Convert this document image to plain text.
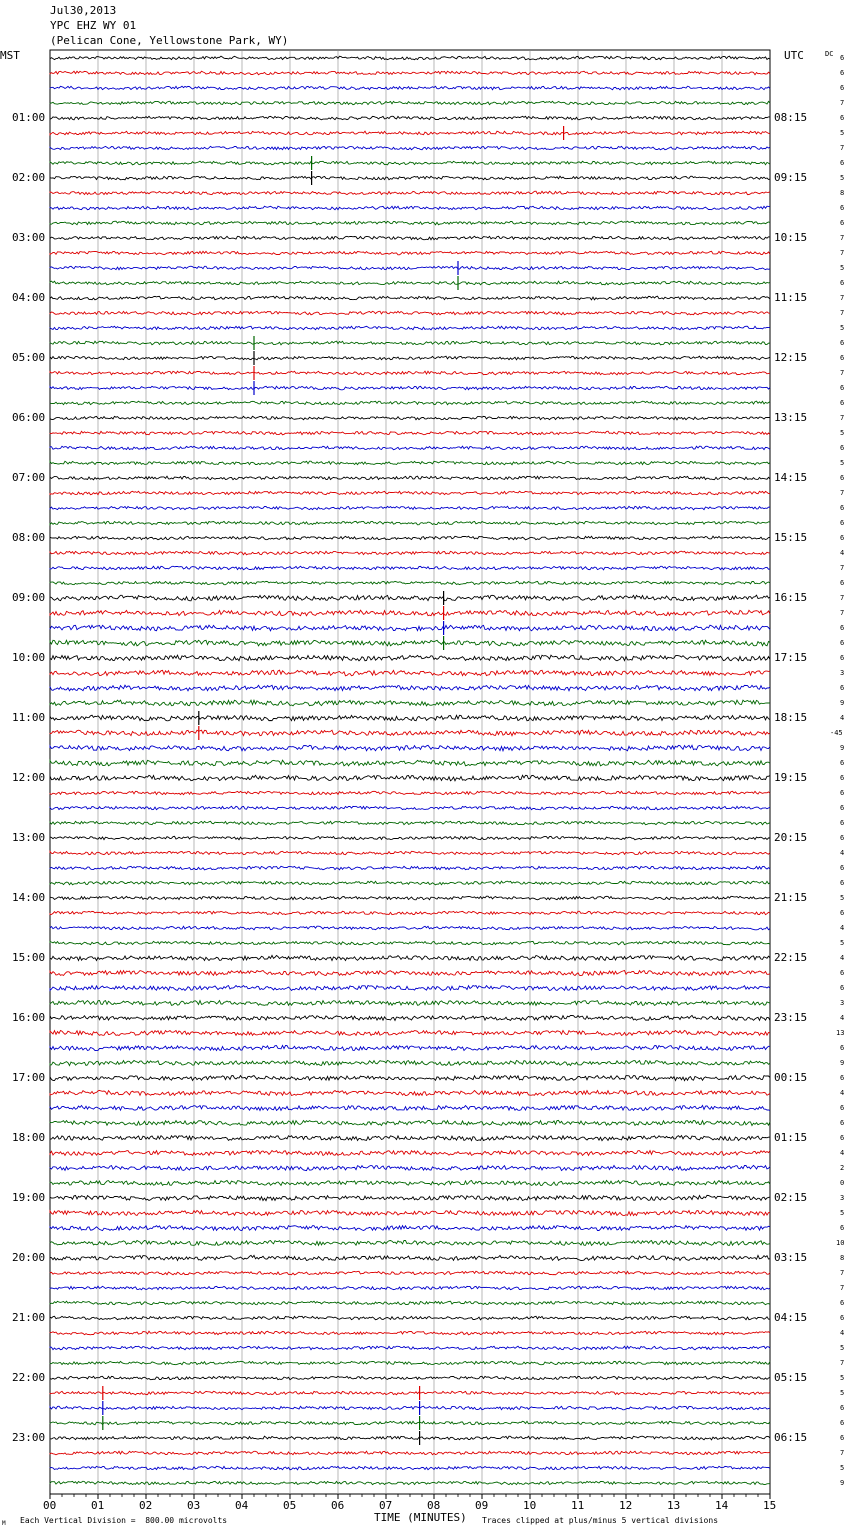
Jul30,2013
YPC EHZ WY 01
(Pelican Cone, Yellowstone Park, WY)
MST	UTC	DC
00	01	02	03	04	05	06	07	08	09	10	11	12	13	14	15
01:00
02:00
03:00
04:00
05:00
06:00
07:00
08:00
09:00
10:00
11:00
12:00
13:00
14:00
15:00
16:00
17:00
18:00
19:00
20:00
21:00
22:00
23:00
08:15
09:15
10:15
11:15
12:15
13:15
14:15
15:15
16:15
17:15
18:15
19:15
20:15
21:15
22:15
23:15
00:15
01:15
02:15
03:15
04:15
05:15
06:15
6
6
6
7
6
5
7
6
5
8
6
6
7
7
5
6
7
7
5
6
6
7
6
6
7
5
6
5
6
7
6
6
6
4
7
6
7
7
6
6
6
3
6
9
4
-45
9
6
6
6
6
6
6
4
6
6
5
6
4
5
4
6
6
3
4
13
6
9
6
4
6
6
6
4
2
0
3
5
6
10
8
7
7
6
6
4
5
7
5
5
6
6
6
7
5
9
Each Vertical Division =  800.00 microvolts	TIME (MINUTES) Traces clipped at plus/minus 5 vertical divisions
M
